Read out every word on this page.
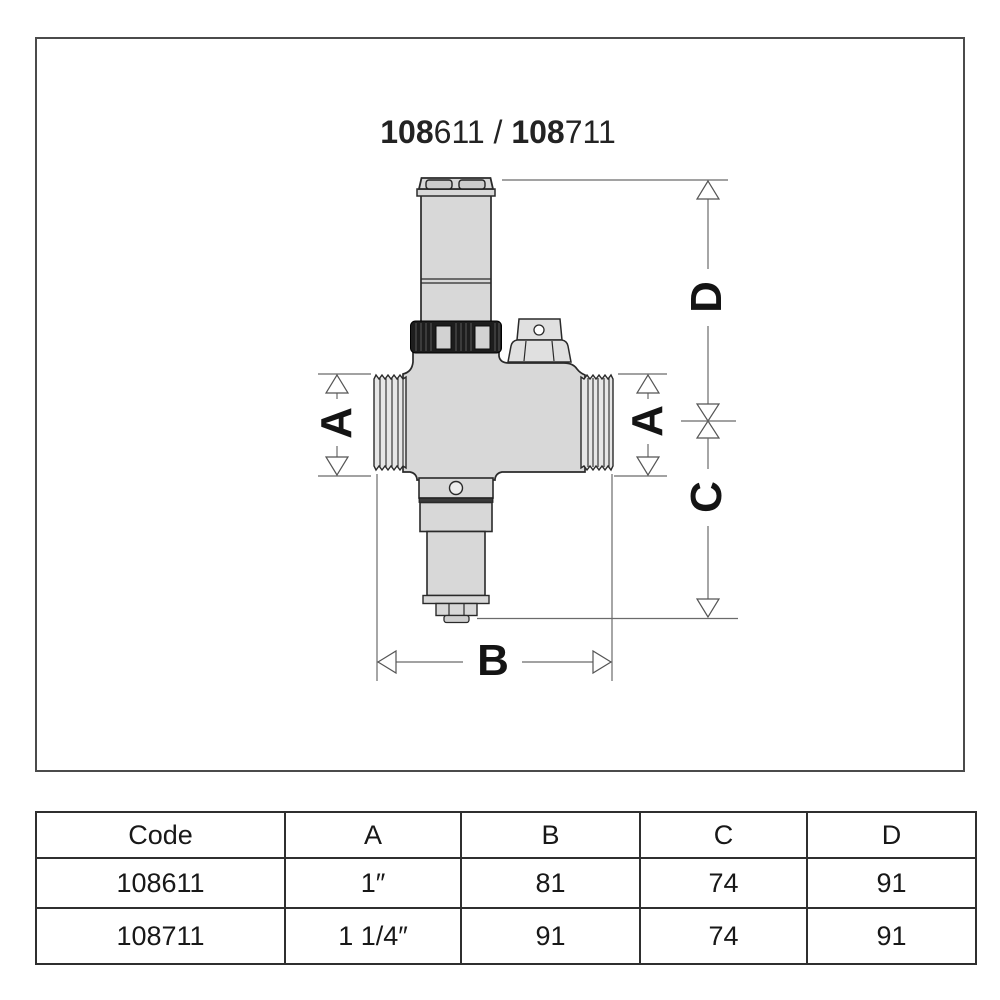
108611 / 108711
A	A
D
C
B
Code	A	B	C	D
108611	1″	81	74	91
108711	1 1/4″	91	74	91
